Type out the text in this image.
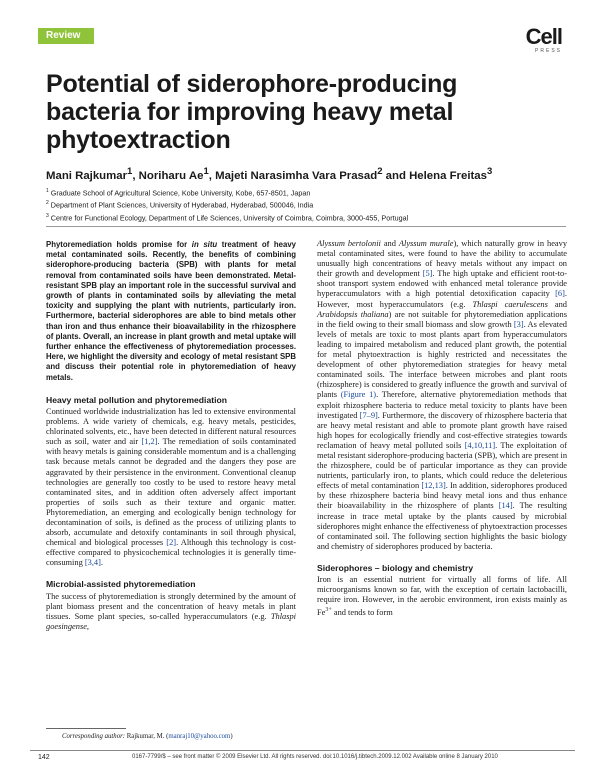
Review	Cell
PRESS
Potential of siderophore-producing bacteria for improving heavy metal phytoextraction

Mani Rajkumar$^1$, Noriharu Ae$^1$, Majeti Narasimha Vara Prasad$^2$ and Helena Freitas$^3$

$^1$ Graduate School of Agricultural Science, Kobe University, Kobe, 657-8501, Japan
$^2$ Department of Plant Sciences, University of Hyderabad, Hyderabad, 500046, India
$^3$ Centre for Functional Ecology, Department of Life Sciences, University of Coimbra, Coimbra, 3000-455, Portugal

Phytoremediation holds promise for in situ treatment of heavy metal contaminated soils. Recently, the benefits of combining siderophore-producing bacteria (SPB) with plants for metal removal from contaminated soils have been demonstrated. Metal-resistant SPB play an important role in the successful survival and growth of plants in contaminated soils by alleviating the metal toxicity and supplying the plant with nutrients, particularly iron. Furthermore, bacterial siderophores are able to bind metals other than iron and thus enhance their bioavailability in the rhizosphere of plants. Overall, an increase in plant growth and metal uptake will further enhance the effectiveness of phytoremediation processes. Here, we highlight the diversity and ecology of metal resistant SPB and discuss their potential role in phytoremediation of heavy metals.

Heavy metal pollution and phytoremediation

Continued worldwide industrialization has led to extensive environmental problems. A wide variety of chemicals, e.g. heavy metals, pesticides, chlorinated solvents, etc., have been detected in different natural resources such as soil, water and air [1,2]. The remediation of soils contaminated with heavy metals is gaining considerable momentum and is a challenging task because metals cannot be degraded and the dangers they pose are aggravated by their persistence in the environment. Conventional cleanup technologies are generally too costly to be used to restore heavy metal contaminated sites, and in addition often adversely affect important properties of soils such as their texture and organic matter. Phytoremediation, an emerging and ecologically benign technology for decontamination of soils, is defined as the process of utilizing plants to absorb, accumulate and detoxify contaminants in soil through physical, chemical and biological processes [2]. Although this technology is cost-effective compared to physicochemical technologies it is generally time-consuming [3,4].

Microbial-assisted phytoremediation

The success of phytoremediation is strongly determined by the amount of plant biomass present and the concentration of heavy metals in plant tissues. Some plant species, so-called hyperaccumulators (e.g. Thlaspi goesingense,

Alyssum bertolonii and Alyssum murale), which naturally grow in heavy metal contaminated sites, were found to have the ability to accumulate unusually high concentrations of heavy metals without any impact on their growth and development [5]. The high uptake and efficient root-to-shoot transport system endowed with enhanced metal tolerance provide hyperaccumulators with a high potential detoxification capacity [6]. However, most hyperaccumulators (e.g. Thlaspi caerulescens and Arabidopsis thaliana) are not suitable for phytoremediation applications in the field owing to their small biomass and slow growth [3]. As elevated levels of metals are toxic to most plants apart from hyperaccumulators leading to impaired metabolism and reduced plant growth, the potential for metal phytoextraction is highly restricted and necessitates the development of other phytoremediation strategies for heavy metal contaminated soils. The interface between microbes and plant roots (rhizosphere) is considered to greatly influence the growth and survival of plants (Figure 1). Therefore, alternative phytoremediation methods that exploit rhizosphere bacteria to reduce metal toxicity to plants have been investigated [7–9]. Furthermore, the discovery of rhizosphere bacteria that are heavy metal resistant and able to promote plant growth have raised high hopes for ecologically friendly and cost-effective strategies towards reclamation of heavy metal polluted soils [4,10,11]. The exploitation of metal resistant siderophore-producing bacteria (SPB), which are present in the rhizosphere, could be of particular importance as they can provide nutrients, particularly iron, to plants, which could reduce the deleterious effects of metal contamination [12,13]. In addition, siderophores produced by these rhizosphere bacteria bind heavy metal ions and thus enhance their bioavailability in the rhizosphere of plants [14]. The resulting increase in trace metal uptake by the plants caused by microbial siderophores might enhance the effectiveness of phytoextraction processes of contaminated soil. The following section highlights the basic biology and chemistry of siderophores produced by bacteria.

Siderophores – biology and chemistry

Iron is an essential nutrient for virtually all forms of life. All microorganisms known so far, with the exception of certain lactobacilli, require iron. However, in the aerobic environment, iron exists mainly as $Fe^{3+}$ and tends to form

Corresponding author: Rajkumar, M. (manraj10@yahoo.com)
142	0167-7799/$ – see front matter © 2009 Elsevier Ltd. All rights reserved. doi:10.1016/j.tibtech.2009.12.002 Available online 8 January 2010
